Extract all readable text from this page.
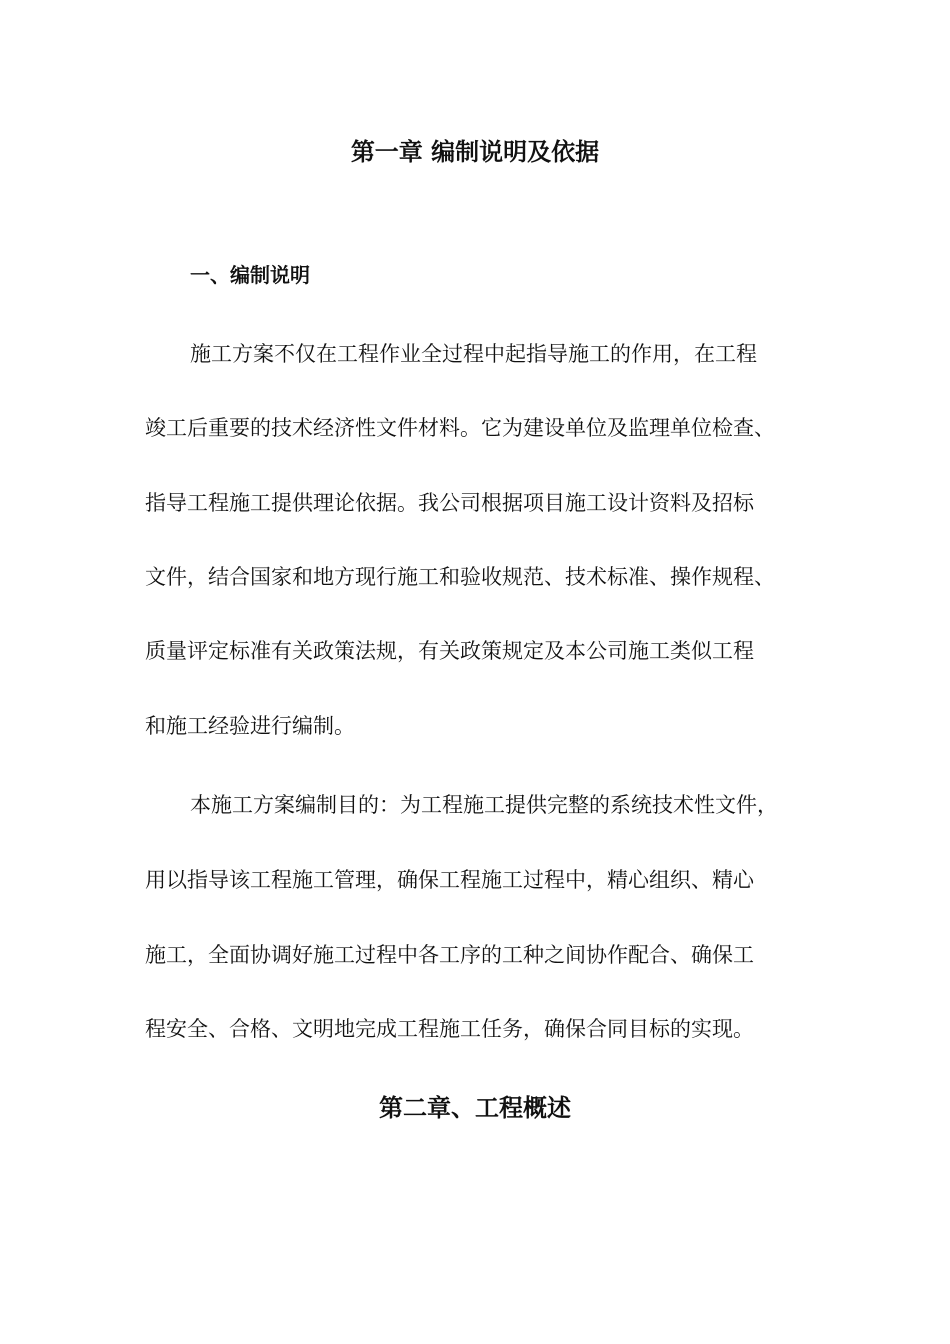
第一章 编制说明及依据
一、编制说明

施工方案不仅在工程作业全过程中起指导施工的作用，在工程

竣工后重要的技术经济性文件材料。它为建设单位及监理单位检查、

指导工程施工提供理论依据。我公司根据项目施工设计资料及招标

文件，结合国家和地方现行施工和验收规范、技术标准、操作规程、

质量评定标准有关政策法规，有关政策规定及本公司施工类似工程

和施工经验进行编制。

本施工方案编制目的：为工程施工提供完整的系统技术性文件，

用以指导该工程施工管理，确保工程施工过程中，精心组织、精心

施工，全面协调好施工过程中各工序的工种之间协作配合、确保工

程安全、合格、文明地完成工程施工任务，确保合同目标的实现。

第二章、工程概述
